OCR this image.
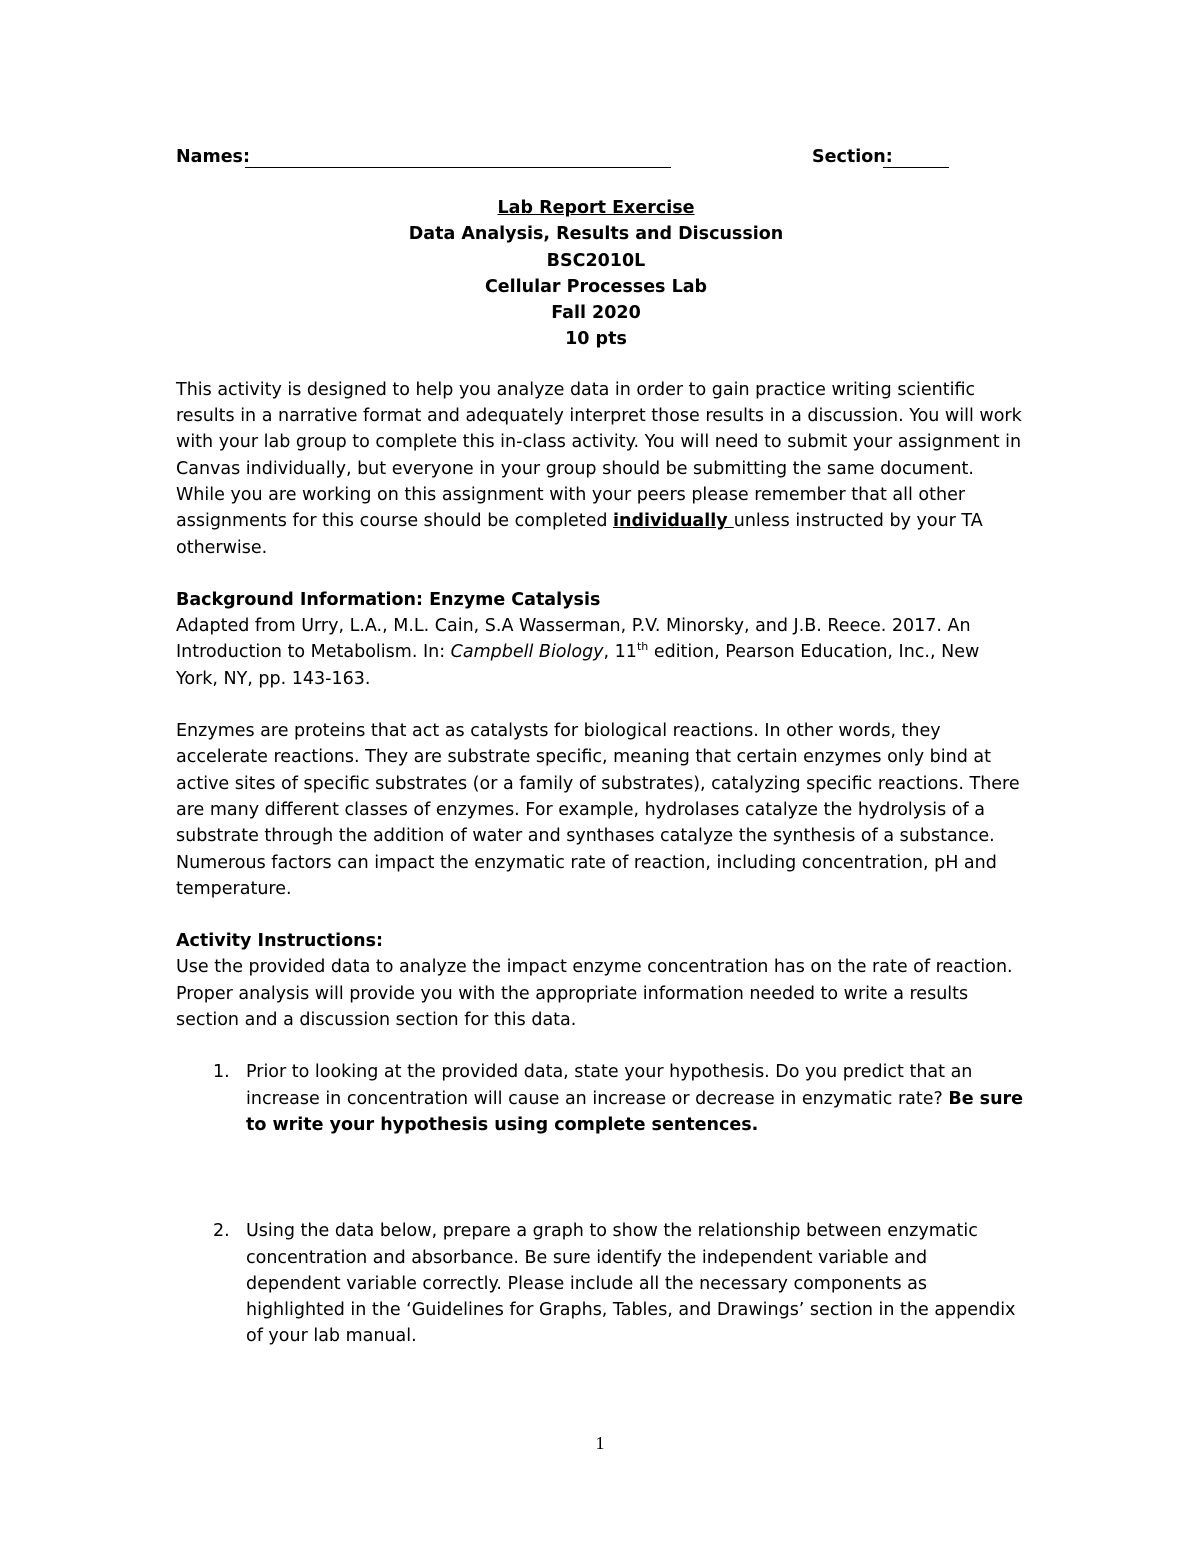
Names:	Section:
Lab Report Exercise
Data Analysis, Results and Discussion
BSC2010L
Cellular Processes Lab
Fall 2020
10 pts

This activity is designed to help you analyze data in order to gain practice writing scientific results in a narrative format and adequately interpret those results in a discussion. You will work with your lab group to complete this in-class activity. You will need to submit your assignment in Canvas individually, but everyone in your group should be submitting the same document. While you are working on this assignment with your peers please remember that all other assignments for this course should be completed individually unless instructed by your TA otherwise.

Background Information: Enzyme Catalysis

Adapted from Urry, L.A., M.L. Cain, S.A Wasserman, P.V. Minorsky, and J.B. Reece. 2017. An Introduction to Metabolism. In: Campbell Biology, 11th edition, Pearson Education, Inc., New York, NY, pp. 143-163.

Enzymes are proteins that act as catalysts for biological reactions. In other words, they accelerate reactions. They are substrate specific, meaning that certain enzymes only bind at active sites of specific substrates (or a family of substrates), catalyzing specific reactions. There are many different classes of enzymes. For example, hydrolases catalyze the hydrolysis of a substrate through the addition of water and synthases catalyze the synthesis of a substance. Numerous factors can impact the enzymatic rate of reaction, including concentration, pH and temperature.

Activity Instructions:

Use the provided data to analyze the impact enzyme concentration has on the rate of reaction. Proper analysis will provide you with the appropriate information needed to write a results section and a discussion section for this data.

1. Prior to looking at the provided data, state your hypothesis. Do you predict that an increase in concentration will cause an increase or decrease in enzymatic rate? Be sure to write your hypothesis using complete sentences.
2. Using the data below, prepare a graph to show the relationship between enzymatic concentration and absorbance. Be sure identify the independent variable and dependent variable correctly. Please include all the necessary components as highlighted in the ‘Guidelines for Graphs, Tables, and Drawings’ section in the appendix of your lab manual.
1
